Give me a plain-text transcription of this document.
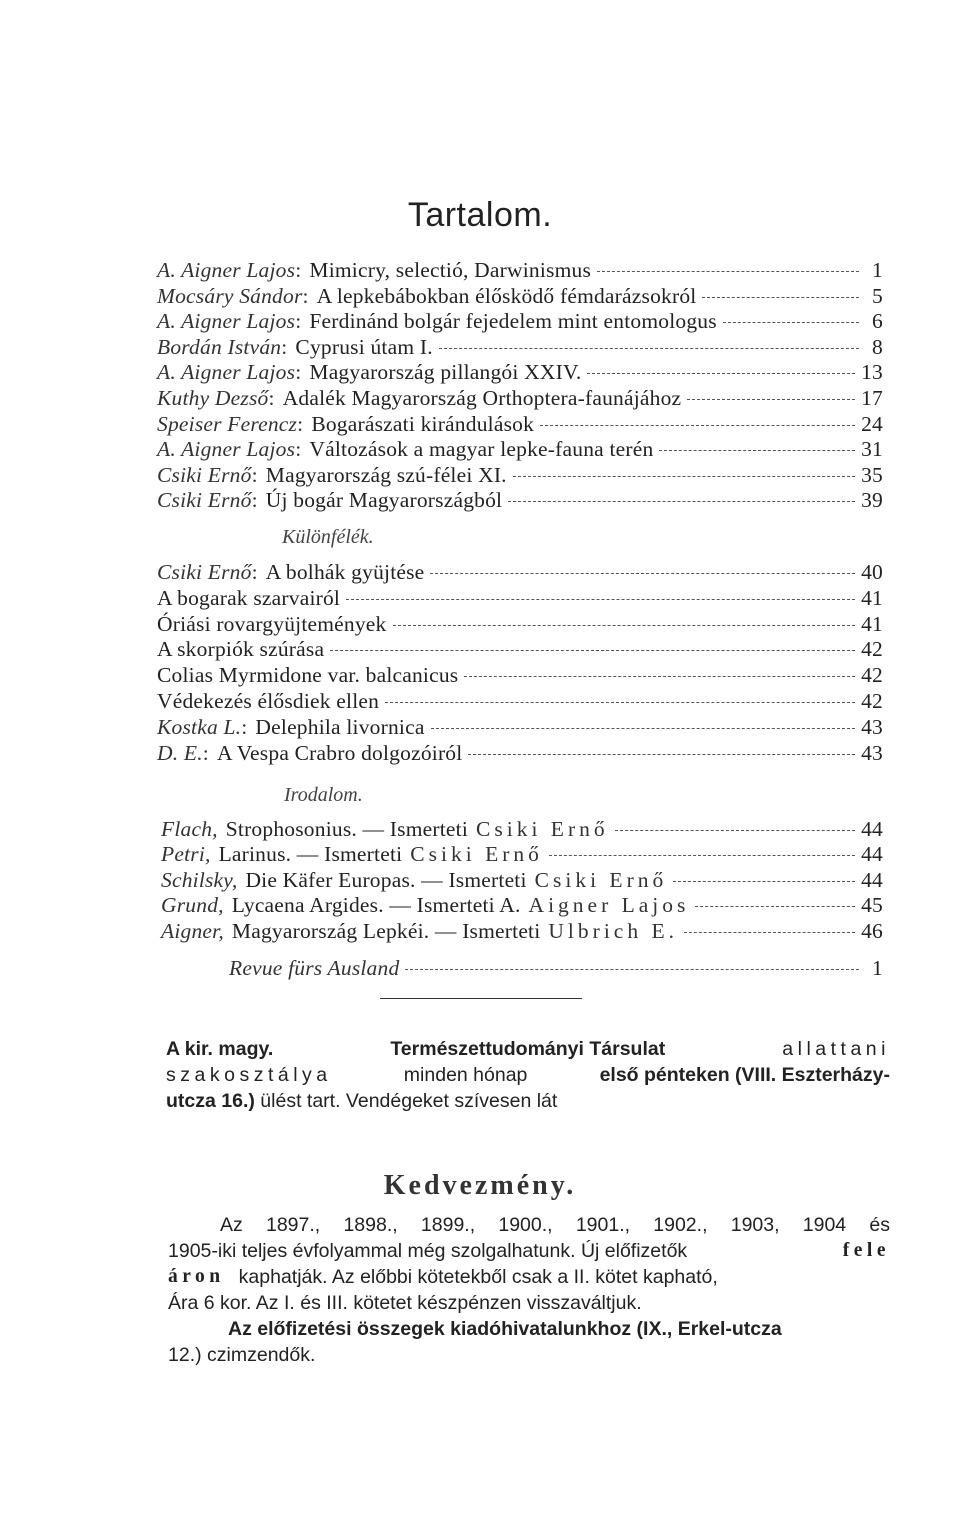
Tartalom.
A. Aigner Lajos : Mimicry, selectió, Darwinismus	1
Mocsáry Sándor : A lepkebábokban élősködő fémdarázsokról	5
A. Aigner Lajos : Ferdinánd bolgár fejedelem mint entomologus	6
Bordán István : Cyprusi útam I.	8
A. Aigner Lajos : Magyarország pillangói XXIV.	13
Kuthy Dezső : Adalék Magyarország Orthoptera-faunájához	17
Speiser Ferencz : Bogarászati kirándulások	24
A. Aigner Lajos : Változások a magyar lepke-fauna terén	31
Csiki Ernő : Magyarország szú-félei XI.	35
Csiki Ernő : Új bogár Magyarországból	39
Csiki Ernő : A bolhák gyüjtése	40
A bogarak szarvairól	41
Óriási rovargyüjtemények	41
A skorpiók szúrása	42
Colias Myrmidone var. balcanicus	42
Védekezés élősdiek ellen	42
Kostka L. : Delephila livornica	43
D. E. : A Vespa Crabro dolgozóiról	43
Flach, Strophosonius. — Ismerteti Csiki Ernő	44
Petri, Larinus. — Ismerteti Csiki Ernő	44
Schilsky, Die Käfer Europas. — Ismerteti Csiki Ernő	44
Grund, Lycaena Argides. — Ismerteti A. Aigner Lajos	45
Aigner, Magyarország Lepkéi. — Ismerteti Ulbrich E.	46
Revue fürs Ausland	1
Különfélék.
Irodalom.
A kir. magy.	Természettudományi Társulat	allattani
szakosztálya	minden hónap	első pénteken (VIII. Eszterházy-
utcza 16.) ülést tart. Vendégeket szívesen lát
Kedvezmény.
Az 1897., 1898., 1899., 1900., 1901., 1902., 1903, 1904 és
1905-iki teljes évfolyammal még szolgalhatunk. Új előfizetők	fele
áron kaphatják. Az előbbi kötetekből csak a II. kötet kapható,
Ára 6 kor. Az I. és III. kötetet készpénzen visszaváltjuk.
Az előfizetési összegek kiadóhivatalunkhoz (IX., Erkel-utcza
12.) czimzendők.
